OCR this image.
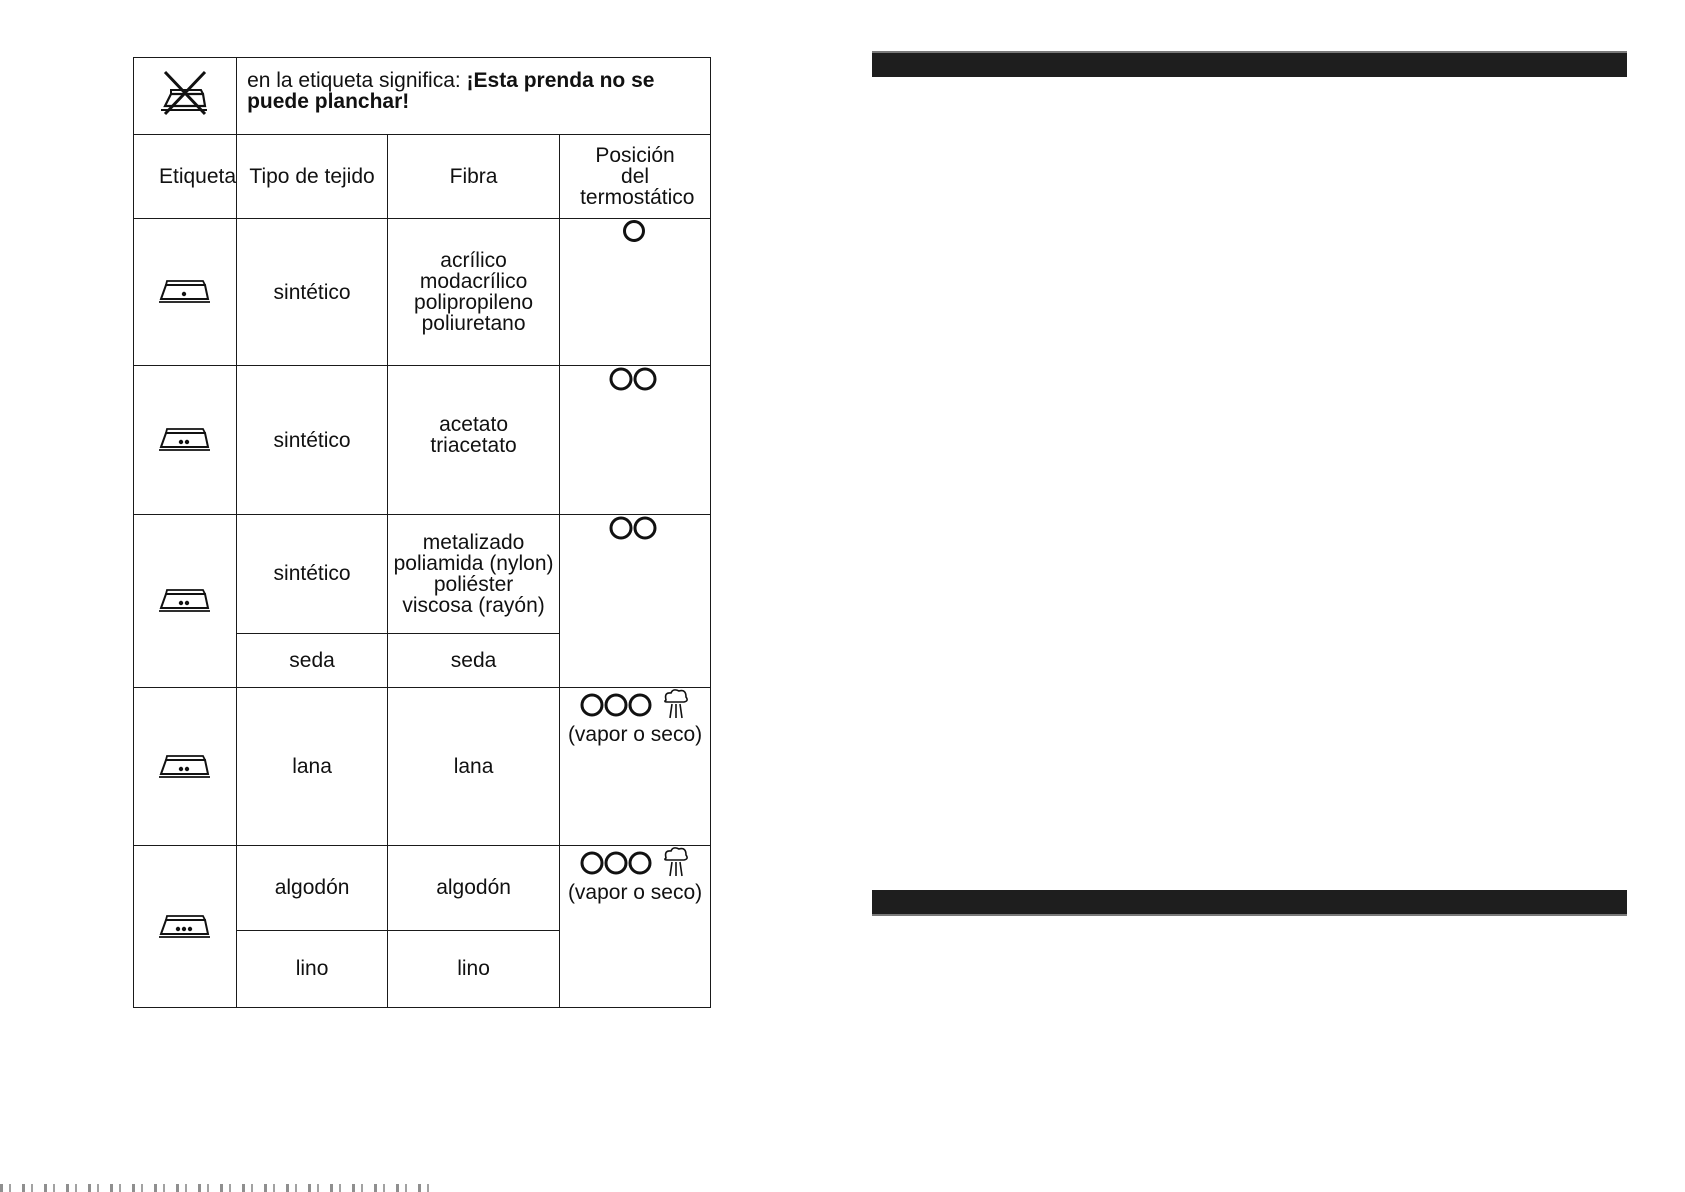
	en la etiqueta significa: ¡Esta prenda no se puede planchar!		
Etiqueta	Tipo de tejido	Fibra	Posición del termostático

	sintético	acrílico
modacrílico
polipropileno
poliuretano

	sintético	acetato
triacetato

	sintético	metalizado
poliamida (nylon)
poliéster
viscosa (rayón)

	seda	seda	
	lana	lana	(vapor o seco)

	algodón	algodón	(vapor o seco)

	lino	lino	
